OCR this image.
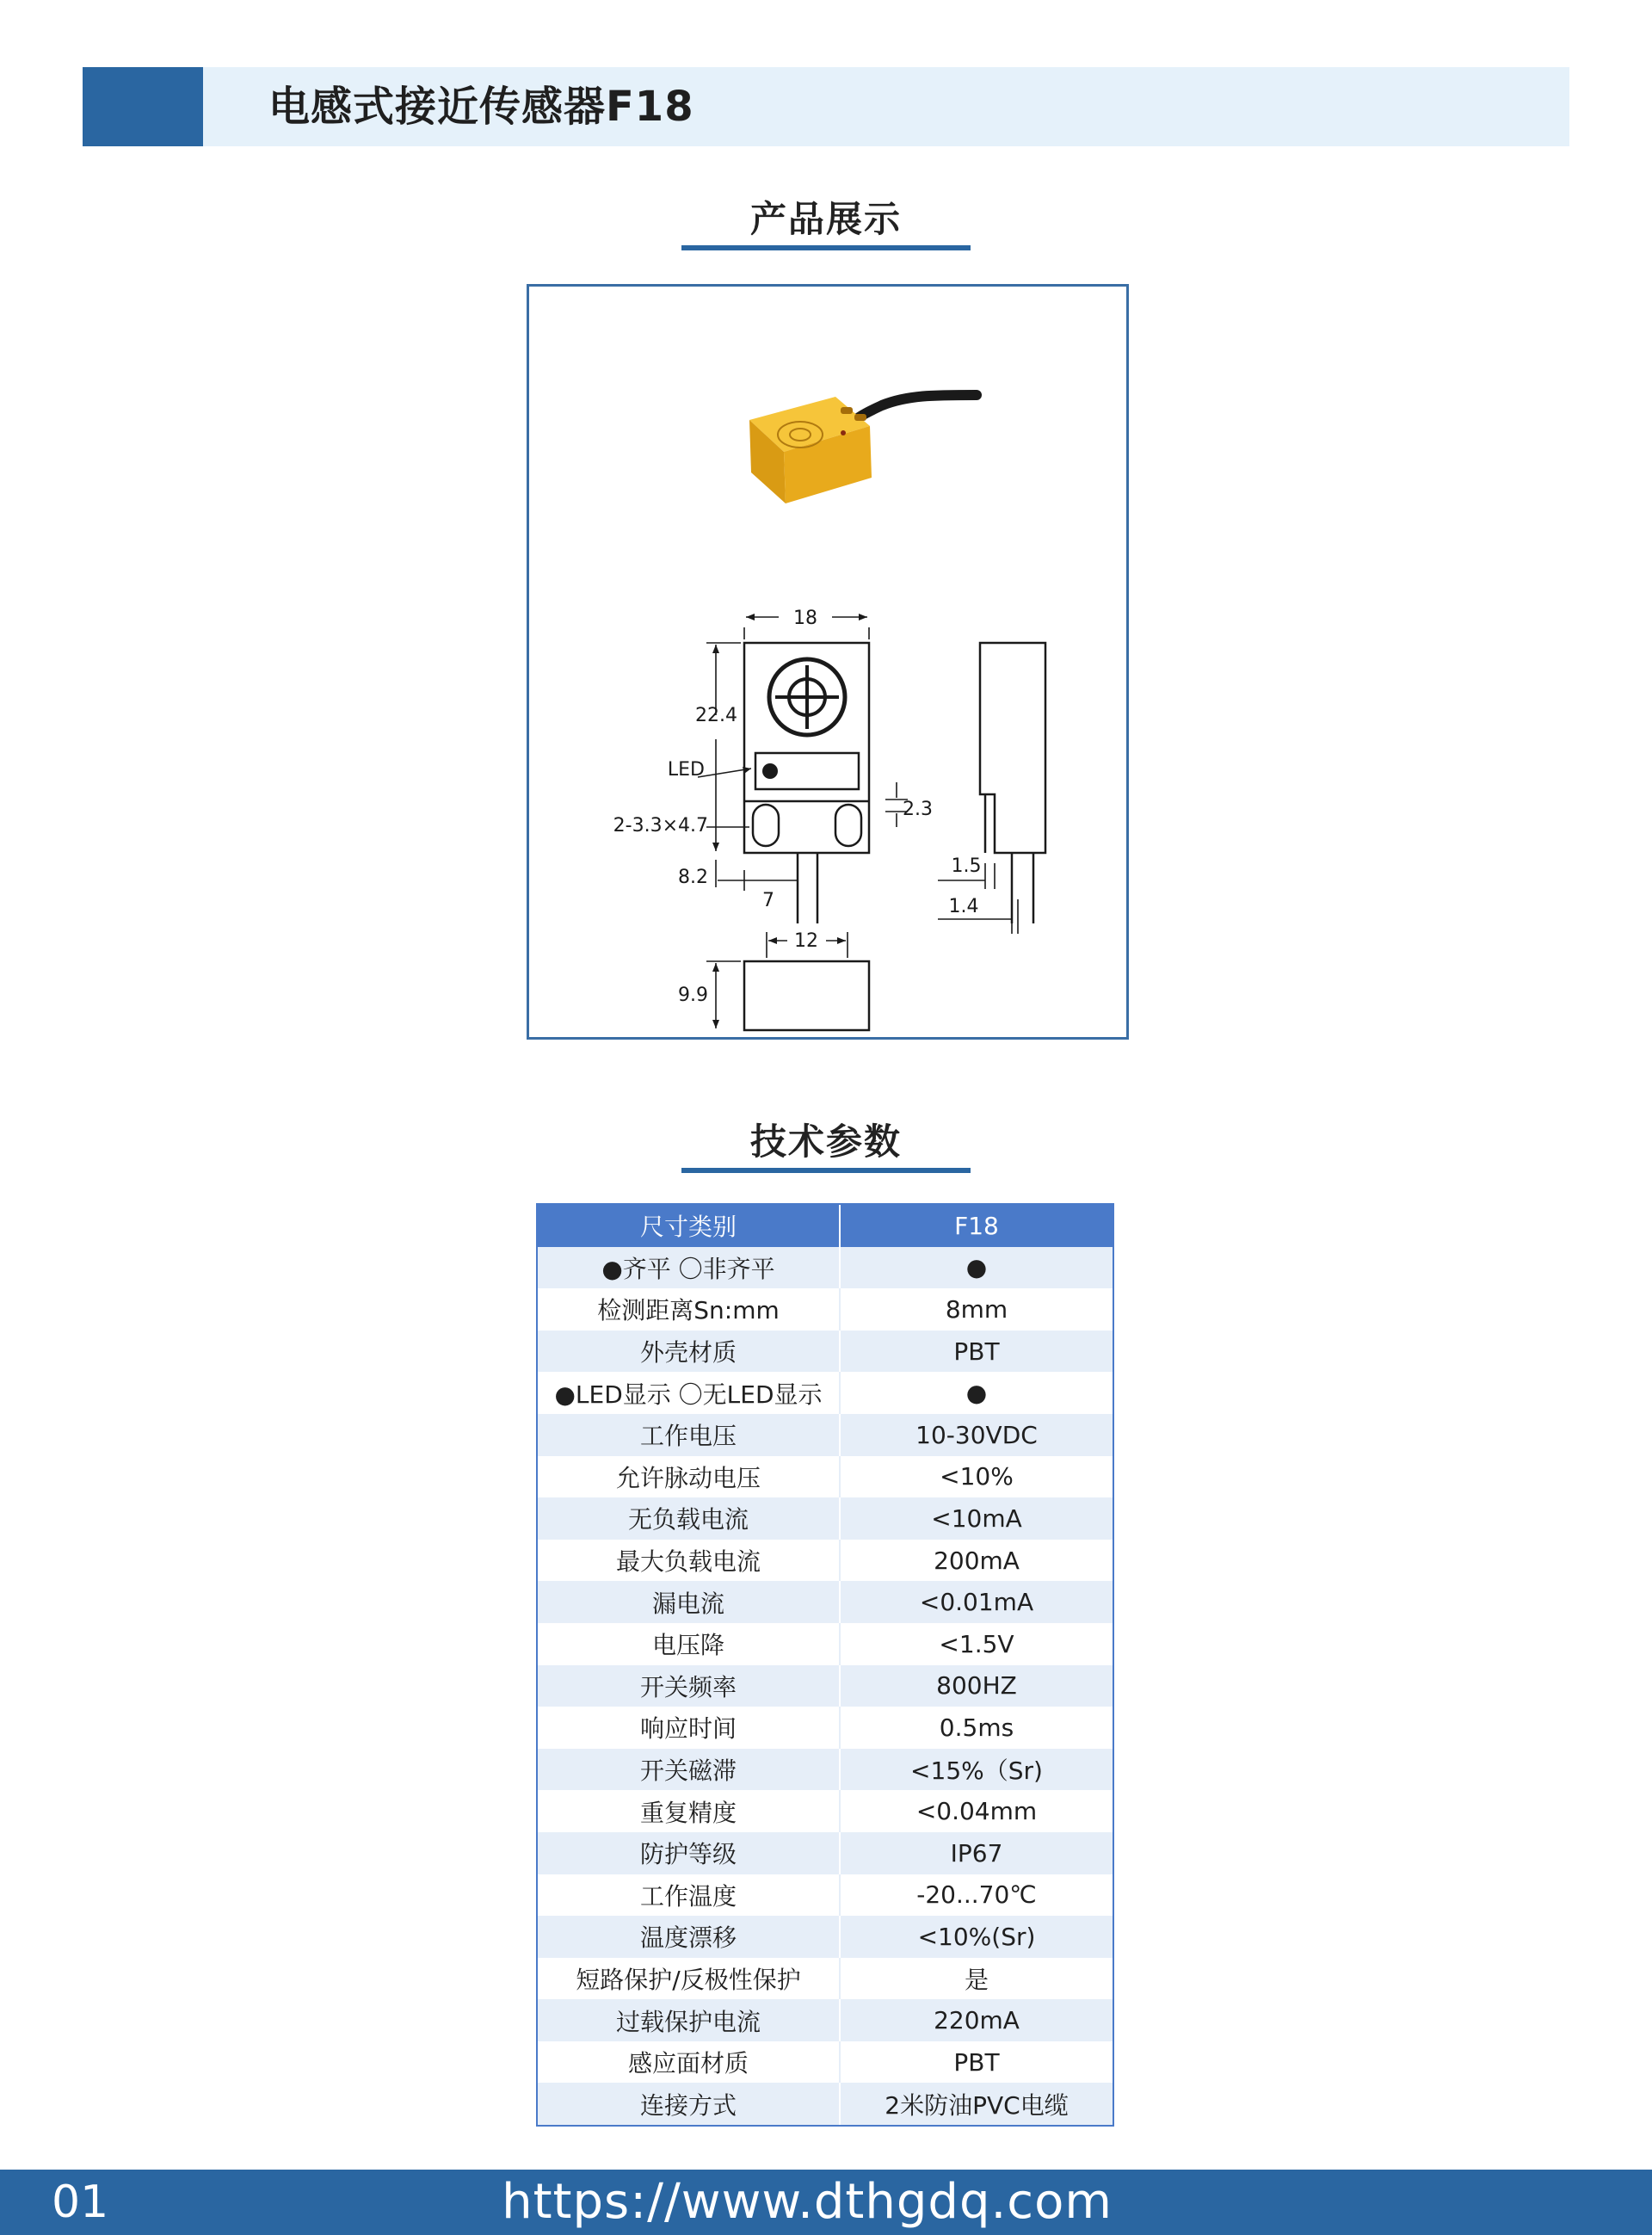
电感式接近传感器F18
产品展示
18
22.4
LED
2-3.3×4.7
8.2
7
2.3
1.5
1.4
12
9.9
技术参数
尺寸类别	F18
●齐平 〇非齐平	●
检测距离Sn:mm	8mm
外壳材质	PBT
●LED显示 〇无LED显示	●
工作电压	10-30VDC
允许脉动电压	<10%
无负载电流	<10mA
最大负载电流	200mA
漏电流	<0.01mA
电压降	<1.5V
开关频率	800HZ
响应时间	0.5ms
开关磁滞	<15%（Sr)
重复精度	<0.04mm
防护等级	IP67
工作温度	-20...70℃
温度漂移	<10%(Sr)
短路保护/反极性保护	是
过载保护电流	220mA
感应面材质	PBT
连接方式	2米防油PVC电缆
01	https://www.dthgdq.com
